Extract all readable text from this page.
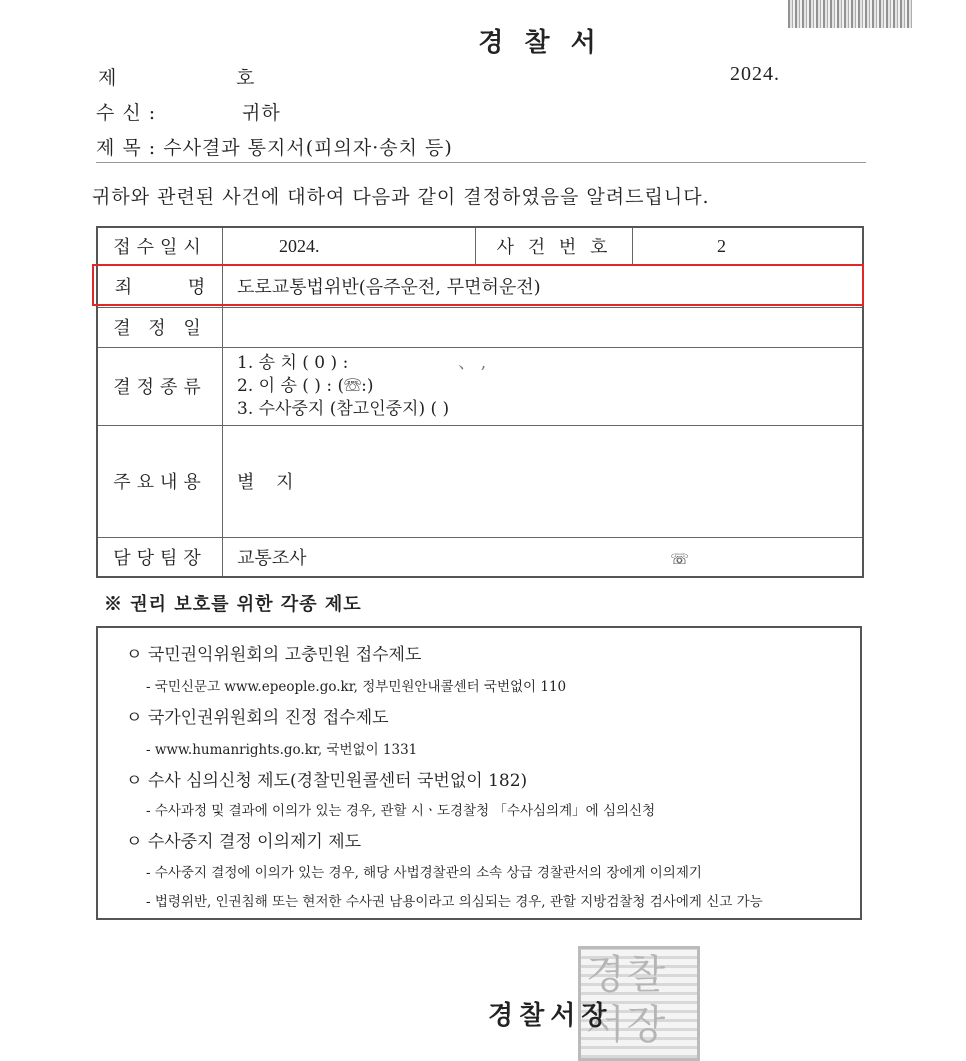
경 찰 서
제	호	2024.
수 신 :	귀하
제 목 : 수사결과 통지서(피의자·송치 등)
귀하와 관련된 사건에 대하여 다음과 같이 결정하였음을 알려드립니다.
접수일시	2024.	사 건 번 호	2
죄 명	도로교통법위반(음주운전, 무면허운전)		
결 정 일			
결정종류	1. 송 치 ( 0 ) : 、 ,
2. 이 송 ( ) : (☏:)
3. 수사중지 (참고인중지) ( )		

주요내용	별 지		
담당팀장	교통조사 ☏		
※ 권리 보호를 위한 각종 제도
ㅇ 국민권익위원회의 고충민원 접수제도
- 국민신문고 www.epeople.go.kr, 정부민원안내콜센터 국번없이 110
ㅇ 국가인권위원회의 진정 접수제도
- www.humanrights.go.kr, 국번없이 1331
ㅇ 수사 심의신청 제도(경찰민원콜센터 국번없이 182)
- 수사과정 및 결과에 이의가 있는 경우, 관할 시ㆍ도경찰청 「수사심의계」에 심의신청
ㅇ 수사중지 결정 이의제기 제도
- 수사중지 결정에 이의가 있는 경우, 해당 사법경찰관의 소속 상급 경찰관서의 장에게 이의제기
- 법령위반, 인권침해 또는 현저한 수사권 남용이라고 의심되는 경우, 관할 지방검찰청 검사에게 신고 가능
경찰서장
경찰서장
